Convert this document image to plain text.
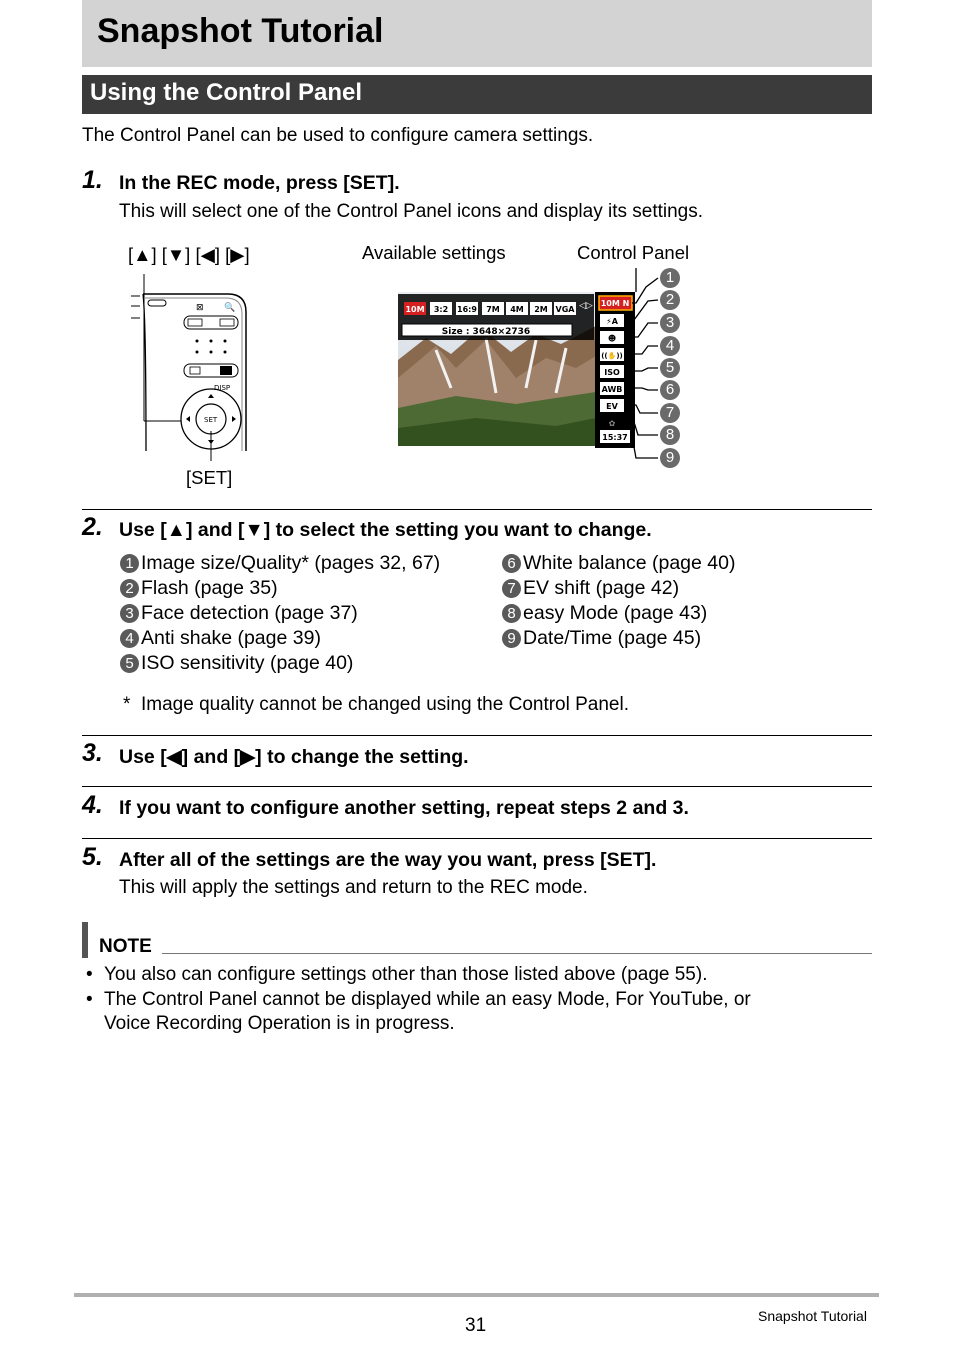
Snapshot Tutorial
Using the Control Panel
The Control Panel can be used to configure camera settings.
1. In the REC mode, press [SET].
This will select one of the Control Panel icons and display its settings.
[▲] [▼] [◀] [▶]
[SET]
Available settings	Control Panel
⊠ 🔍
DISP
SET
10M 3:2 16:9 7M 4M 2M VGA ◁▷
Size : 3648×2736
10M N
⚡A
☻
((✋))
ISO
AWB
EV
✿
15:37
1
2
3
4
5
6
7
8
9
2. Use [▲] and [▼] to select the setting you want to change.
1 Image size/Quality* (pages 32, 67)
2 Flash (page 35)
3 Face detection (page 37)
4 Anti shake (page 39)
5 ISO sensitivity (page 40)
6 White balance (page 40)
7 EV shift (page 42)
8 easy Mode (page 43)
9 Date/Time (page 45)
* Image quality cannot be changed using the Control Panel.
3. Use [◀] and [▶] to change the setting.
4. If you want to configure another setting, repeat steps 2 and 3.
5. After all of the settings are the way you want, press [SET].
This will apply the settings and return to the REC mode.
NOTE
• You also can configure settings other than those listed above (page 55).
• The Control Panel cannot be displayed while an easy Mode, For YouTube, or
Voice Recording Operation is in progress.
31	Snapshot Tutorial
